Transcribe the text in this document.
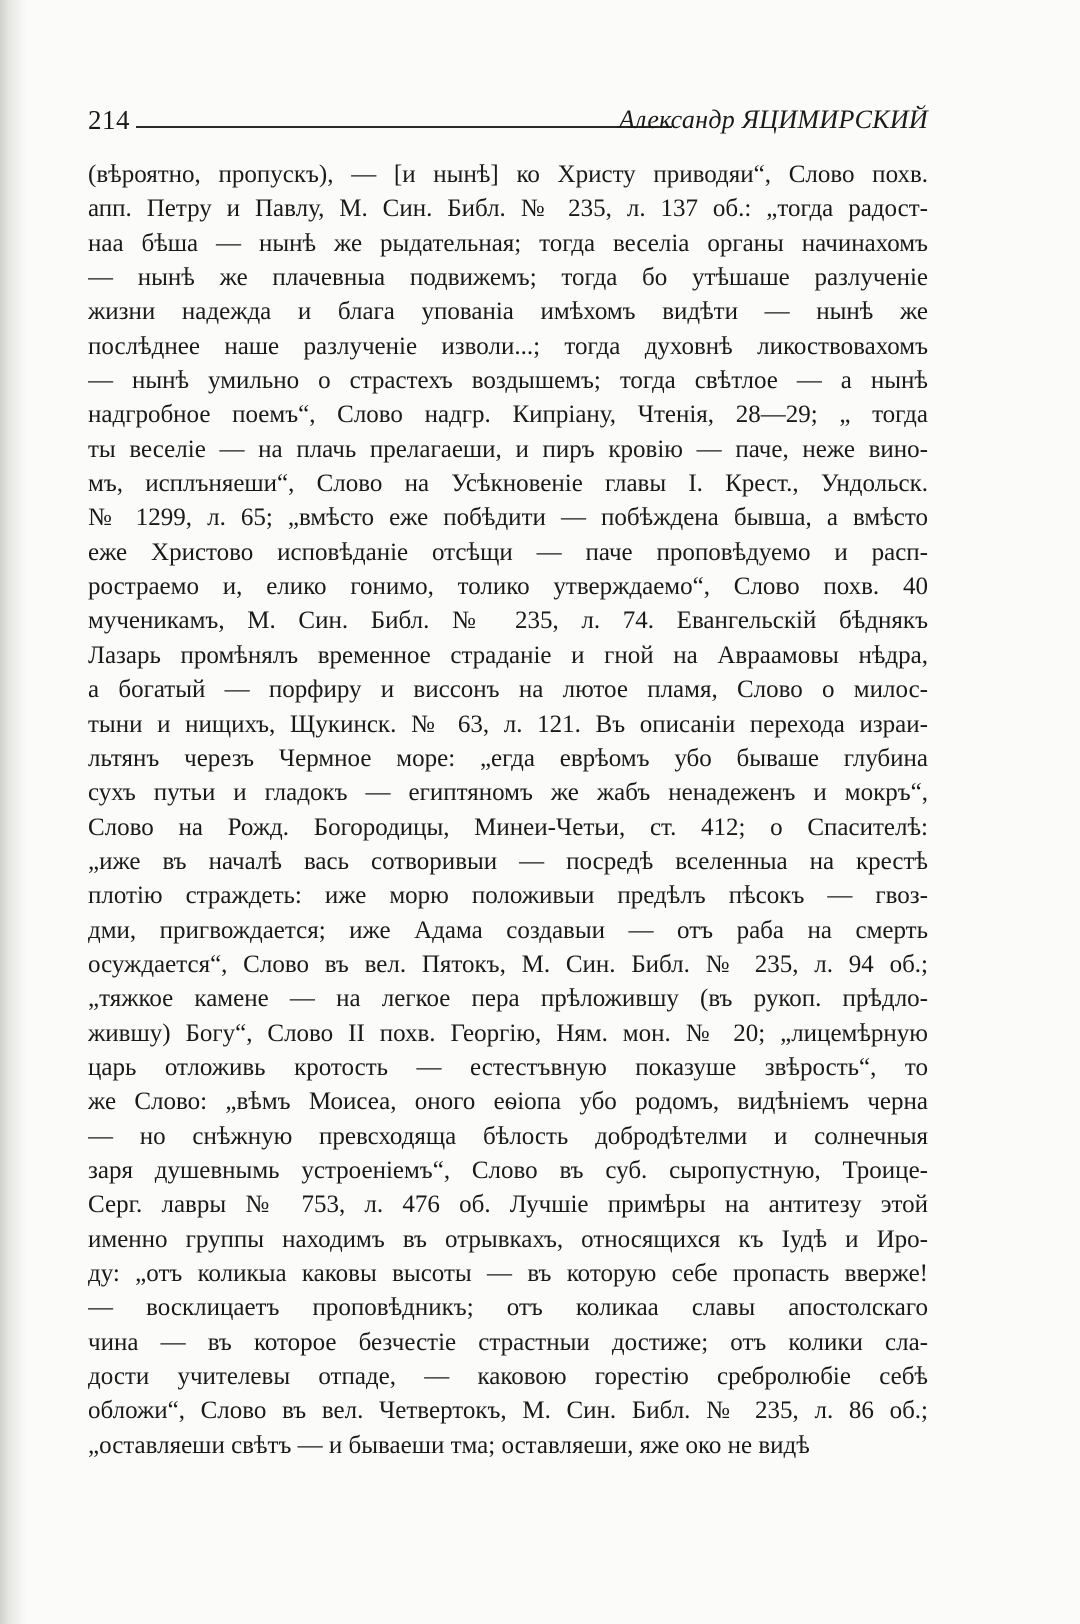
214	Александр ЯЦИМИРСКИЙ
(вѣроятно, пропускъ), — [и нынѣ] ко Христу приводяи“, Слово похв.
апп. Петру и Павлу, М. Син. Библ. № 235, л. 137 об.: „тогда радост-
наа бѣша — нынѣ же рыдательная; тогда веселіа органы начинахомъ
— нынѣ же плачевныа подвижемъ; тогда бо утѣшаше разлученіе
жизни надежда и блага упованіа имѣхомъ видѣти — нынѣ же
послѣднее наше разлученіе изволи...; тогда духовнѣ ликоствовахомъ
— нынѣ умильно о страстехъ воздышемъ; тогда свѣтлое — а нынѣ
надгробное поемъ“, Слово надгр. Кипріану, Чтенія, 28—29; „ тогда
ты веселіе — на плачь прелагаеши, и пиръ кровію — паче, неже вино-
мъ, исплъняеши“, Слово на Усѣкновеніе главы І. Крест., Ундольск.
№ 1299, л. 65; „вмѣсто еже побѣдити — побѣждена бывша, а вмѣсто
еже Христово исповѣданіе отсѣщи — паче проповѣдуемо и расп-
ростраемо и, елико гонимо, толико утверждаемо“, Слово похв. 40
мученикамъ, М. Син. Библ. № 235, л. 74. Евангельскій бѣднякъ
Лазарь промѣнялъ временное страданіе и гной на Авраамовы нѣдра,
а богатый — порфиру и виссонъ на лютое пламя, Слово о милос-
тыни и нищихъ, Щукинск. № 63, л. 121. Въ описаніи перехода израи-
льтянъ черезъ Чермное море: „егда еврѣомъ убо бываше глубина
сухъ путьи и гладокъ — египтяномъ же жабъ ненадеженъ и мокръ“,
Слово на Рожд. Богородицы, Минеи-Четьи, ст. 412; о Спасителѣ:
„иже въ началѣ вась сотворивыи — посредѣ вселенныа на крестѣ
плотію страждеть: иже морю положивыи предѣлъ пѣсокъ — гвоз-
дми, пригвождается; иже Адама создавыи — отъ раба на смерть
осуждается“, Слово въ вел. Пятокъ, М. Син. Библ. № 235, л. 94 об.;
„тяжкое камене — на легкое пера прѣложившу (въ рукоп. прѣдло-
жившу) Богу“, Слово II похв. Георгію, Ням. мон. № 20; „лицемѣрную
царь отложивь кротость — естестъвную показуше звѣрость“, то
же Слово: „вѣмъ Моисеа, оного еѳіопа убо родомъ, видѣніемъ черна
— но снѣжную превсходяща бѣлость добродѣтелми и солнечныя
заря душевнымь устроеніемъ“, Слово въ суб. сыропустную, Троице-
Серг. лавры № 753, л. 476 об. Лучшіе примѣры на антитезу этой
именно группы находимъ въ отрывкахъ, относящихся къ Іудѣ и Иро-
ду: „отъ коликыа каковы высоты — въ которую себе пропасть вверже!
— восклицаетъ проповѣдникъ; отъ коликаа славы апостолскаго
чина — въ которое безчестіе страстныи достиже; отъ колики сла-
дости учителевы отпаде, — каковою горестію сребролюбіе себѣ
обложи“, Слово въ вел. Четвертокъ, М. Син. Библ. № 235, л. 86 об.;
„оставляеши свѣтъ — и бываеши тма; оставляеши, яже око не видѣ
